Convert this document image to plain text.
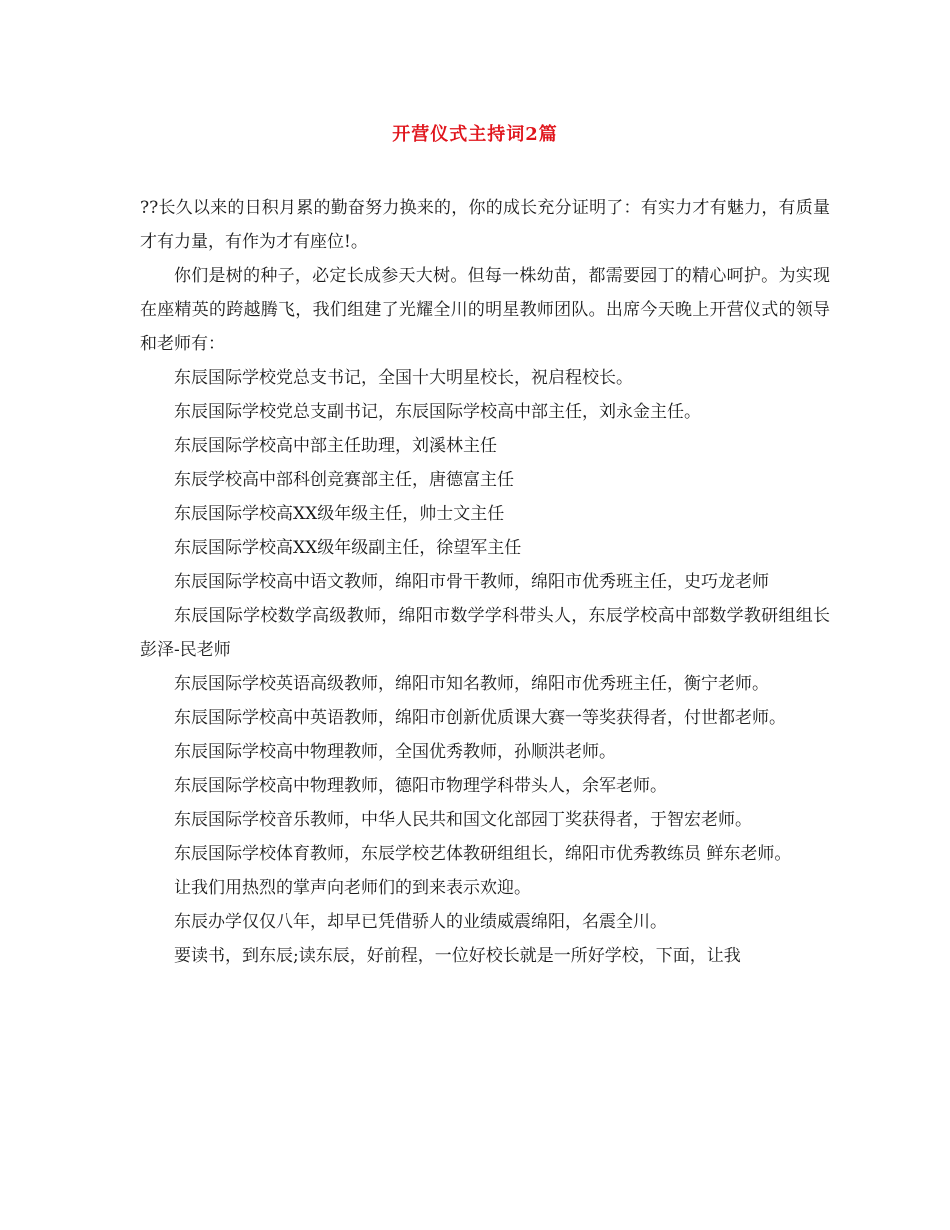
开营仪式主持词2篇

??长久以来的日积月累的勤奋努力换来的，你的成长充分证明了：有实力才有魅力，有质量才有力量，有作为才有座位!。

你们是树的种子，必定长成参天大树。但每一株幼苗，都需要园丁的精心呵护。为实现在座精英的跨越腾飞，我们组建了光耀全川的明星教师团队。出席今天晚上开营仪式的领导和老师有：

东辰国际学校党总支书记，全国十大明星校长，祝启程校长。

东辰国际学校党总支副书记，东辰国际学校高中部主任，刘永金主任。

东辰国际学校高中部主任助理，刘溪林主任

东辰学校高中部科创竞赛部主任，唐德富主任

东辰国际学校高XX级年级主任，帅士文主任

东辰国际学校高XX级年级副主任，徐望军主任

东辰国际学校高中语文教师，绵阳市骨干教师，绵阳市优秀班主任，史巧龙老师

东辰国际学校数学高级教师，绵阳市数学学科带头人，东辰学校高中部数学教研组组长 彭泽-民老师

东辰国际学校英语高级教师，绵阳市知名教师，绵阳市优秀班主任，衡宁老师。

东辰国际学校高中英语教师，绵阳市创新优质课大赛一等奖获得者，付世都老师。

东辰国际学校高中物理教师，全国优秀教师，孙顺洪老师。

东辰国际学校高中物理教师，德阳市物理学科带头人，余军老师。

东辰国际学校音乐教师，中华人民共和国文化部园丁奖获得者，于智宏老师。

东辰国际学校体育教师，东辰学校艺体教研组组长，绵阳市优秀教练员 鲜东老师。

让我们用热烈的掌声向老师们的到来表示欢迎。

东辰办学仅仅八年，却早已凭借骄人的业绩威震绵阳，名震全川。

要读书，到东辰;读东辰，好前程，一位好校长就是一所好学校，下面，让我
